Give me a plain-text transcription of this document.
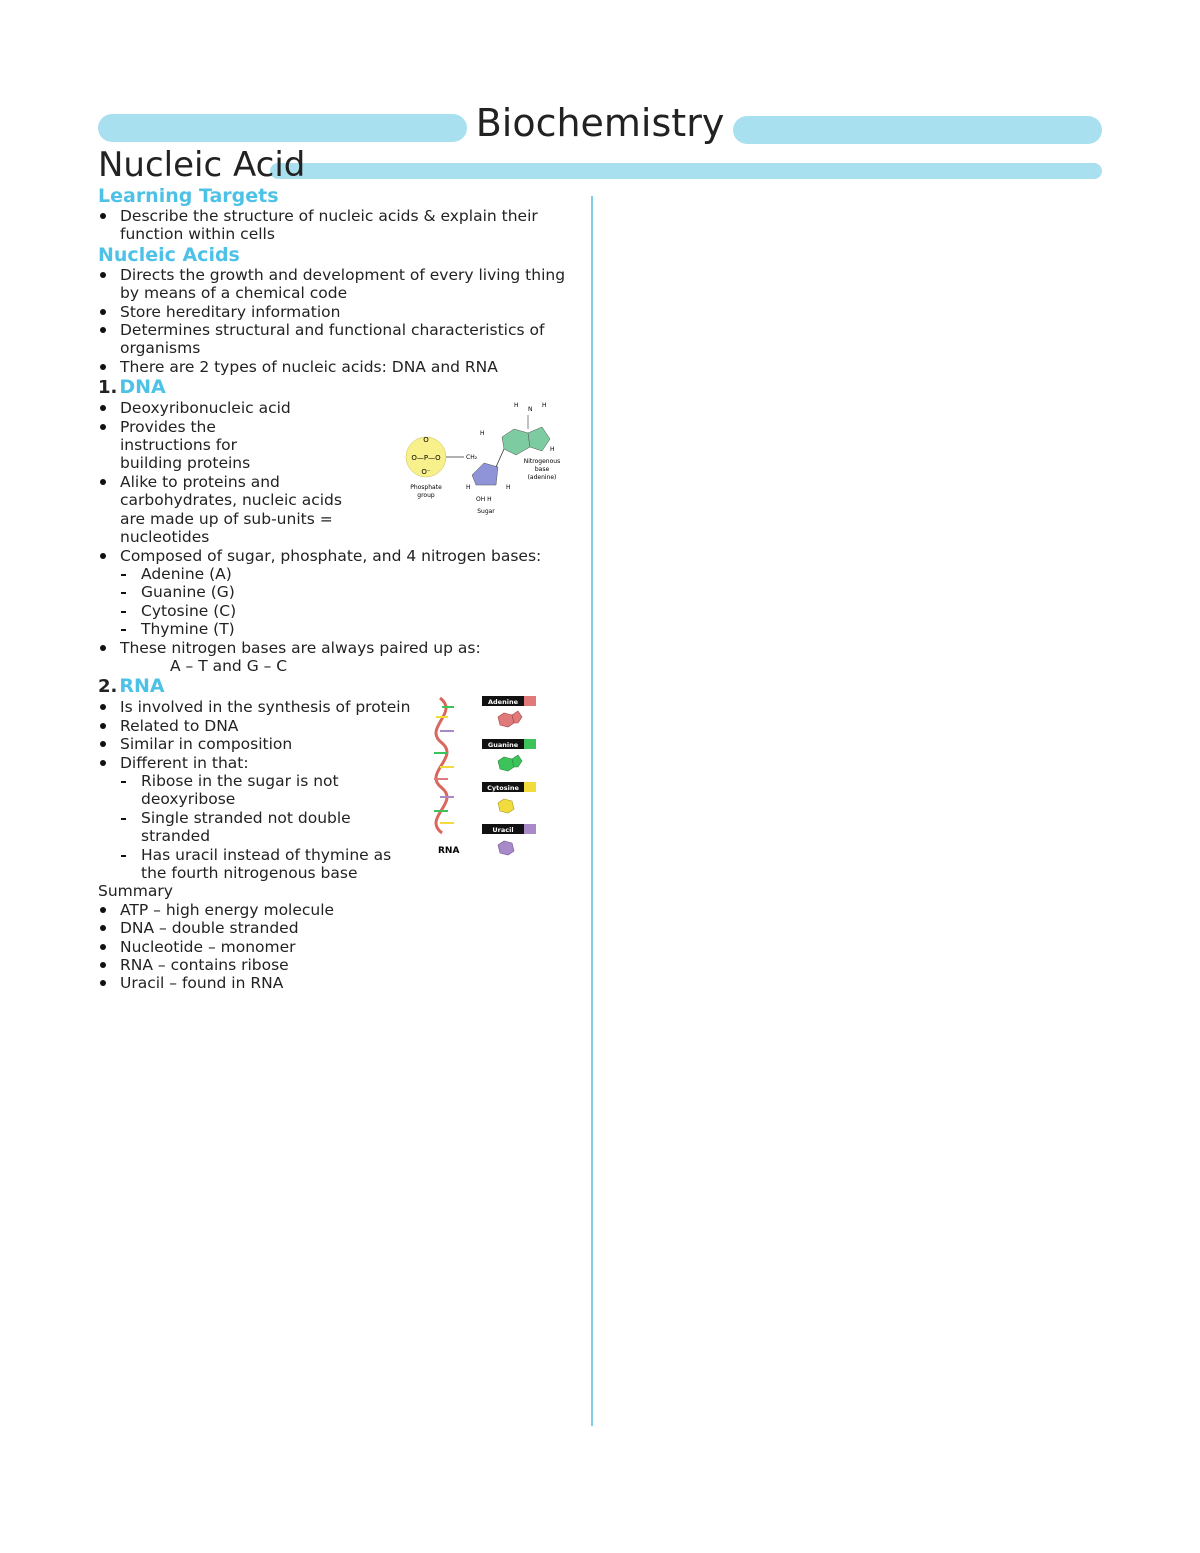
Biochemistry
Nucleic Acid
Learning Targets
Describe the structure of nucleic acids & explain their function within cells
Nucleic Acids
Directs the growth and development of every living thing by means of a chemical code
Store hereditary information
Determines structural and functional characteristics of organisms
There are 2 types of nucleic acids: DNA and RNA
1. DNA
Deoxyribonucleic acid
Provides the instructions for building proteins
Alike to proteins and carbohydrates, nucleic acids are made up of sub-units = nucleotides
Composed of sugar, phosphate, and 4 nitrogen bases:
Adenine (A)
Guanine (G)
Cytosine (C)
Thymine (T)
These nitrogen bases are always paired up as:
A – T and G – C
2. RNA
Is involved in the synthesis of protein
Related to DNA
Similar in composition
Different in that:
Ribose in the sugar is not deoxyribose
Single stranded not double stranded
Has uracil instead of thymine as the fourth nitrogenous base
Summary
ATP – high energy molecule
DNA – double stranded
Nucleotide – monomer
RNA – contains ribose
Uracil – found in RNA
O
O—P—O
O⁻
CH₂
H
N
H
H
H
H	H
OH H
Phosphate
group
Sugar
Nitrogenous
base
(adenine)
RNA
Adenine
Guanine
Cytosine
Uracil
